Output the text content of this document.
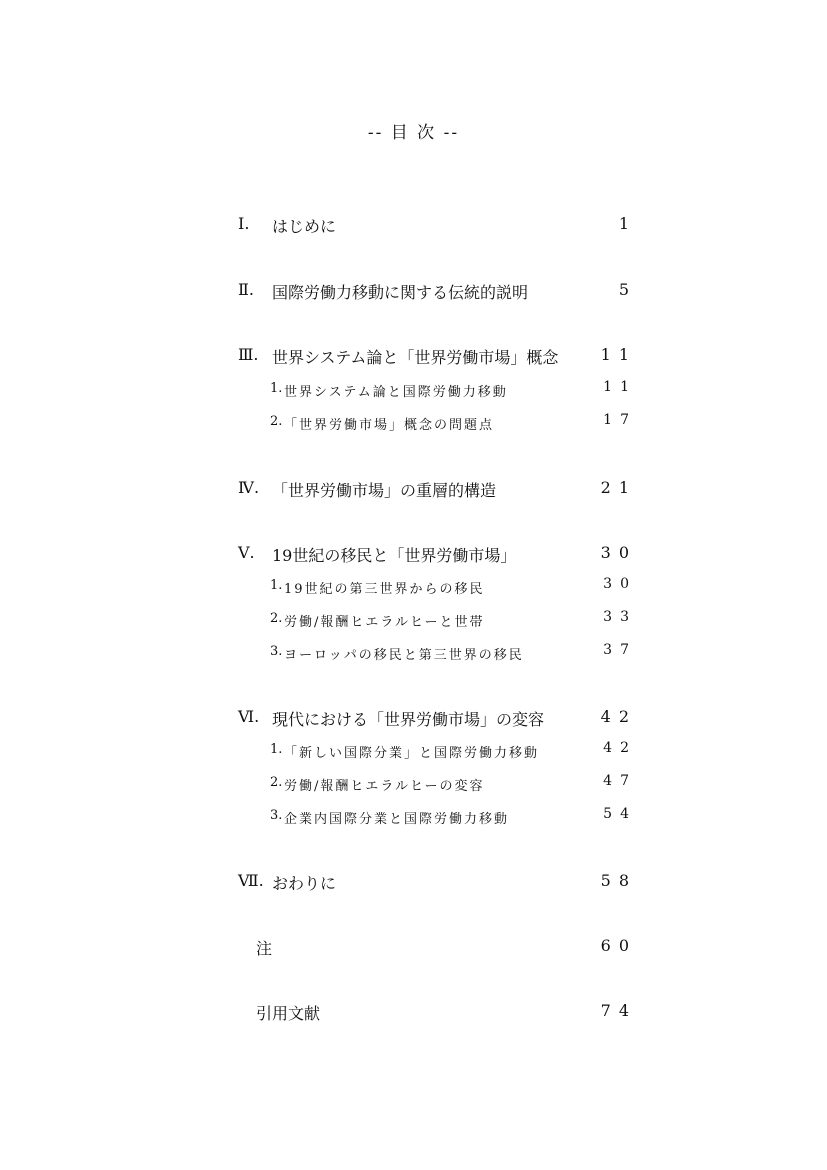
-- 目 次 --
Ⅰ. はじめに	1
Ⅱ. 国際労働力移動に関する伝統的説明	5
Ⅲ. 世界システム論と「世界労働市場」概念	11
1. 世界システム論と国際労働力移動	11
2. 「世界労働市場」概念の問題点	17
Ⅳ. 「世界労働市場」の重層的構造	21
Ⅴ. 19世紀の移民と「世界労働市場」	30
1. 19世紀の第三世界からの移民	30
2. 労働/報酬ヒエラルヒーと世帯	33
3. ヨーロッパの移民と第三世界の移民	37
Ⅵ. 現代における「世界労働市場」の変容	42
1. 「新しい国際分業」と国際労働力移動	42
2. 労働/報酬ヒエラルヒーの変容	47
3. 企業内国際分業と国際労働力移動	54
Ⅶ. おわりに	58
注	60
引用文献	74
